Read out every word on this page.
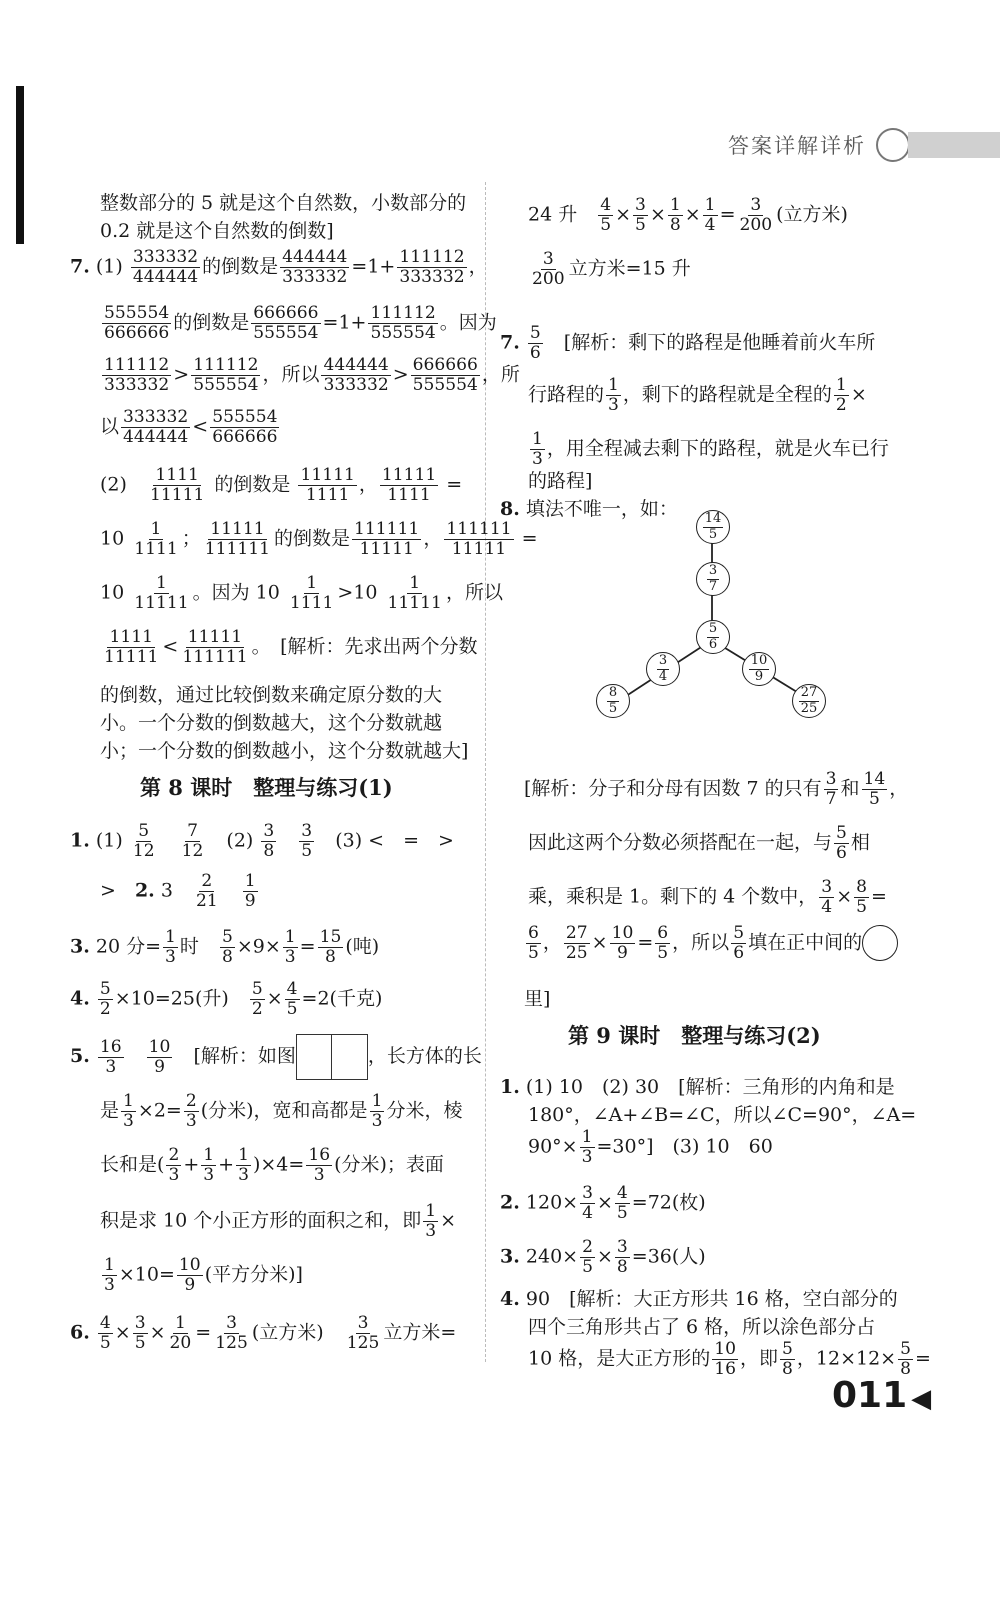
答案详解详析
整数部分的 5 就是这个自然数，小数部分的
0.2 就是这个自然数的倒数]
7. $(1) \frac{333332}{444444}$ 的倒数是 $\frac{444444}{333332} =1+ \frac{111112}{333332}$ ，
$\frac{555554}{666666}$ 的倒数是 $\frac{666666}{555554} =1+ \frac{111112}{555554}$ 。因为
$\frac{111112}{333332} > \frac{111112}{555554}$ ，所以 $\frac{444444}{333332} > \frac{666666}{555554}$ ，所
以 $\frac{333332}{444444} < \frac{555554}{666666}$
(2)　 $\frac{1111}{11111}$ 的倒数是 $\frac{11111}{1111}$ ， $\frac{11111}{1111}$ =
$10 \frac{1}{1111}$ ； $\frac{11111}{111111}$ 的倒数是 $\frac{111111}{11111}$ ， $\frac{111111}{11111}$ =
$10 \frac{1}{11111}$ 。因为 $10 \frac{1}{1111} >10 \frac{1}{11111}$ ，所以
$\frac{1111}{11111} < \frac{11111}{111111}$ 。　 [解析：先求出两个分数
的倒数，通过比较倒数来确定原分数的大
小。一个分数的倒数越大，这个分数就越
小；一个分数的倒数越小，这个分数就越大]
第 8 课时　整理与练习(1)
1. $(1) \frac{5}{12}$
　 $\frac{7}{12}$
　 $(2) \frac{3}{8}$
　 $\frac{3}{5}$
　 (3) <　=　>
>　 2. 3　 $\frac{2}{21}$
　 $\frac{1}{9}$
3. 20 分= $\frac{1}{3}$ 时　 $\frac{5}{8} \times 9\times \frac{1}{3} = \frac{15}{8}$ (吨)
4. $\frac{5}{2} \times 10=25$(升)　 $\frac{5}{2} \times \frac{4}{5} =2$(千克)
5. $\frac{16}{3}$
　 $\frac{10}{9}$
　 [解析：如图	，长方体的长
是 $\frac{1}{3} \times 2= \frac{2}{3}$ (分米)，宽和高都是 $\frac{1}{3}$ 分米，棱
长和是( $\frac{2}{3} + \frac{1}{3} + \frac{1}{3} )\times 4= \frac{16}{3}$ (分米)；表面
积是求 10 个小正方形的面积之和，即 $\frac{1}{3}$ ×
$\frac{1}{3} \times 10= \frac{10}{9}$ (平方分米)]
6. $\frac{4}{5} \times \frac{3}{5} \times \frac{1}{20} = \frac{3}{125}$ (立方米)　 $\frac{3}{125}$ 立方米=
24 升　 $\frac{4}{5} \times \frac{3}{5} \times \frac{1}{8} \times \frac{1}{4} = \frac{3}{200}$ (立方米)
$\frac{3}{200}$ 立方米=15 升
7. $\frac{5}{6}$
　 [解析：剩下的路程是他睡着前火车所
行路程的 $\frac{1}{3}$ ，剩下的路程就是全程的 $\frac{1}{2}$ ×
$\frac{1}{3}$ ，用全程减去剩下的路程，就是火车已行
的路程]
8. 填法不唯一，如：
$\frac{14}{5}$
$\frac{3}{7}$
$\frac{5}{6}$
$\frac{3}{4}$	$\frac{10}{9}$
$\frac{8}{5}$	$\frac{27}{25}$
[解析：分子和分母有因数 7 的只有 $\frac{3}{7}$ 和 $\frac{14}{5}$ ，
因此这两个分数必须搭配在一起，与 $\frac{5}{6}$ 相
乘，乘积是 1。剩下的 4 个数中， $\frac{3}{4} \times \frac{8}{5}$ =
$\frac{6}{5}$ ， $\frac{27}{25} \times \frac{10}{9} = \frac{6}{5}$ ，所以 $\frac{5}{6}$ 填在正中间的
里]
第 9 课时　整理与练习(2)
1. (1) 10　(2) 30　[解析：三角形的内角和是
180°，∠A+∠B=∠C，所以∠C=90°，∠A=
$90^\circ\times \frac{1}{3} =30^\circ$]　(3) 10　60
2. $120\times \frac{3}{4} \times \frac{4}{5} =72$(枚)
3. $240\times \frac{2}{5} \times \frac{3}{8} =36$(人)
4. 90　[解析：大正方形共 16 格，空白部分的
四个三角形共占了 6 格，所以涂色部分占
10 格，是大正方形的 $\frac{10}{16}$ ，即 $\frac{5}{8}$ ，$12\times 12\times \frac{5}{8}$ =
011 ◀
